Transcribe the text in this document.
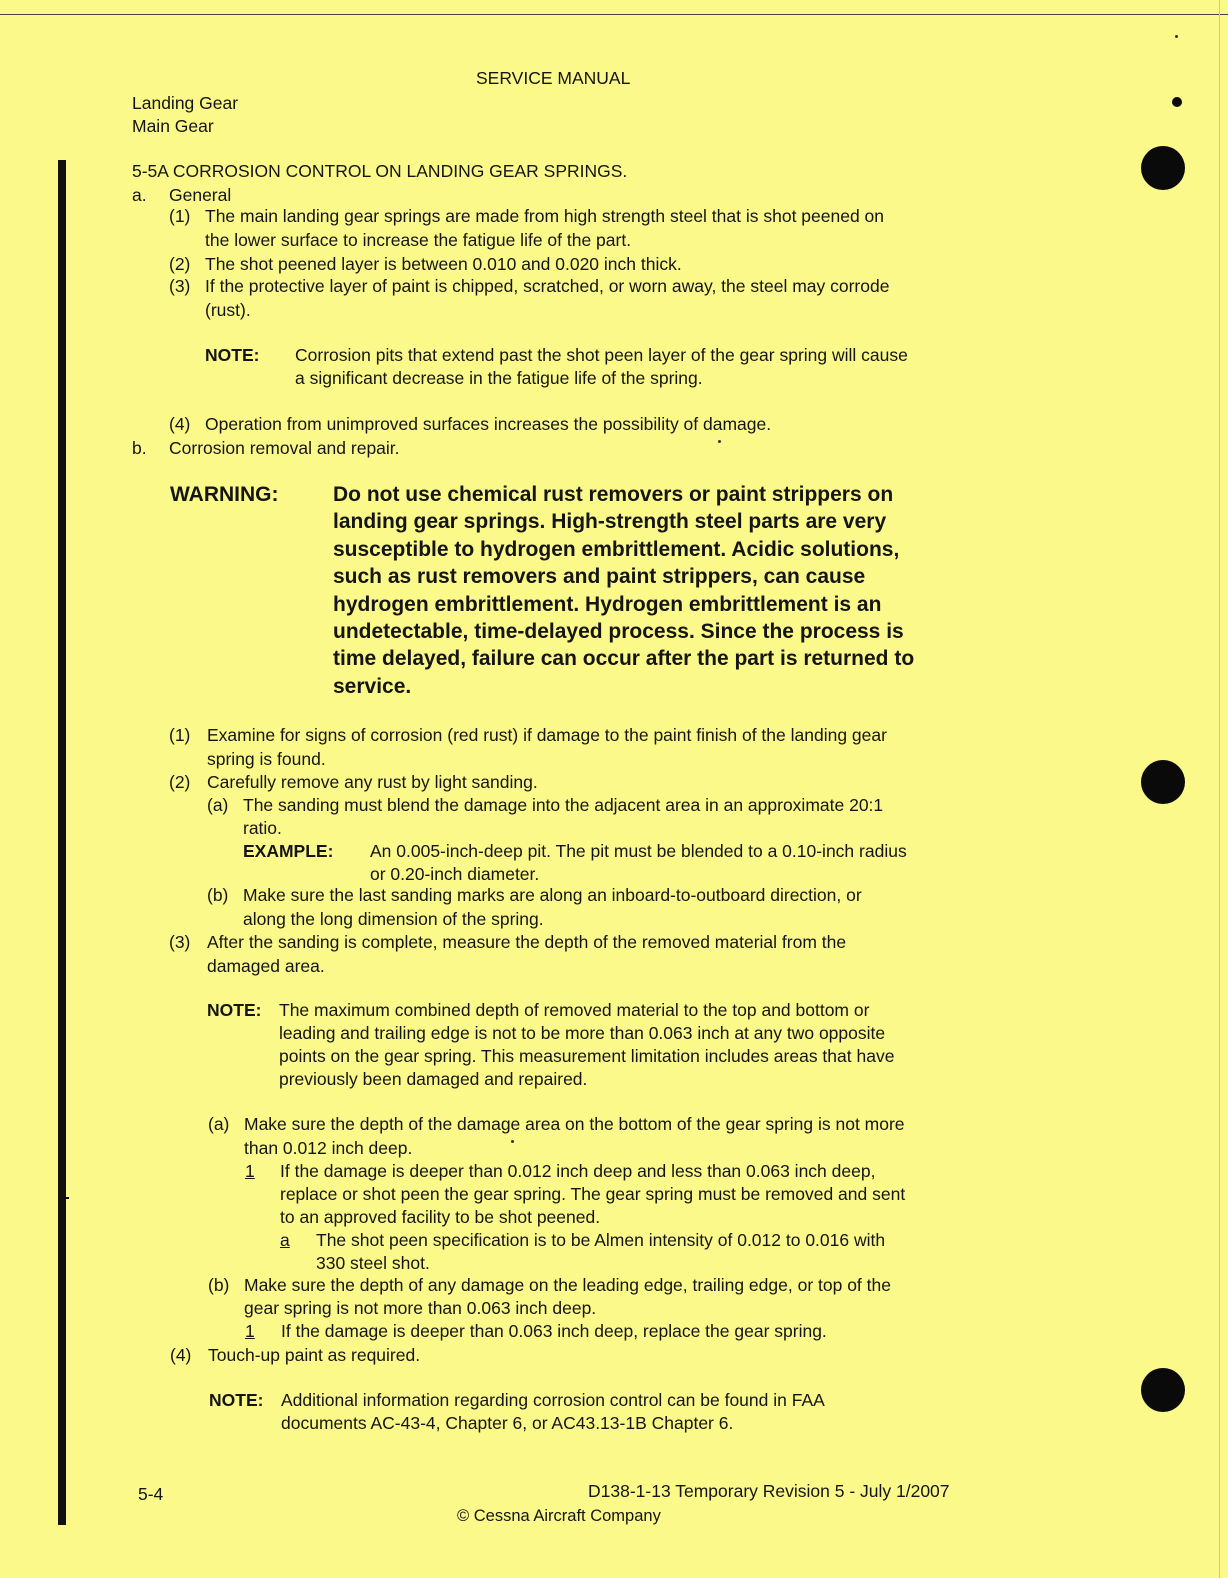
SERVICE MANUAL
Landing Gear
Main Gear
5-5A CORROSION CONTROL ON LANDING GEAR SPRINGS.
a. General
(1) The main landing gear springs are made from high strength steel that is shot peened on
the lower surface to increase the fatigue life of the part.
(2) The shot peened layer is between 0.010 and 0.020 inch thick.
(3) If the protective layer of paint is chipped, scratched, or worn away, the steel may corrode
(rust).
NOTE: Corrosion pits that extend past the shot peen layer of the gear spring will cause
a significant decrease in the fatigue life of the spring.
(4) Operation from unimproved surfaces increases the possibility of damage.
b. Corrosion removal and repair.
WARNING:	Do not use chemical rust removers or paint strippers on
landing gear springs. High-strength steel parts are very
susceptible to hydrogen embrittlement. Acidic solutions,
such as rust removers and paint strippers, can cause
hydrogen embrittlement. Hydrogen embrittlement is an
undetectable, time-delayed process. Since the process is
time delayed, failure can occur after the part is returned to
service.
(1) Examine for signs of corrosion (red rust) if damage to the paint finish of the landing gear
spring is found.
(2) Carefully remove any rust by light sanding.
(a) The sanding must blend the damage into the adjacent area in an approximate 20:1
ratio.
EXAMPLE: An 0.005-inch-deep pit. The pit must be blended to a 0.10-inch radius
or 0.20-inch diameter.
(b) Make sure the last sanding marks are along an inboard-to-outboard direction, or
along the long dimension of the spring.
(3) After the sanding is complete, measure the depth of the removed material from the
damaged area.
NOTE: The maximum combined depth of removed material to the top and bottom or
leading and trailing edge is not to be more than 0.063 inch at any two opposite
points on the gear spring. This measurement limitation includes areas that have
previously been damaged and repaired.
(a) Make sure the depth of the damage area on the bottom of the gear spring is not more
than 0.012 inch deep.
1 If the damage is deeper than 0.012 inch deep and less than 0.063 inch deep,
replace or shot peen the gear spring. The gear spring must be removed and sent
to an approved facility to be shot peened.
a The shot peen specification is to be Almen intensity of 0.012 to 0.016 with
330 steel shot.
(b) Make sure the depth of any damage on the leading edge, trailing edge, or top of the
gear spring is not more than 0.063 inch deep.
1 If the damage is deeper than 0.063 inch deep, replace the gear spring.
(4) Touch-up paint as required.
NOTE: Additional information regarding corrosion control can be found in FAA
documents AC-43-4, Chapter 6, or AC43.13-1B Chapter 6.
5-4	D138-1-13 Temporary Revision 5 - July 1/2007
© Cessna Aircraft Company
